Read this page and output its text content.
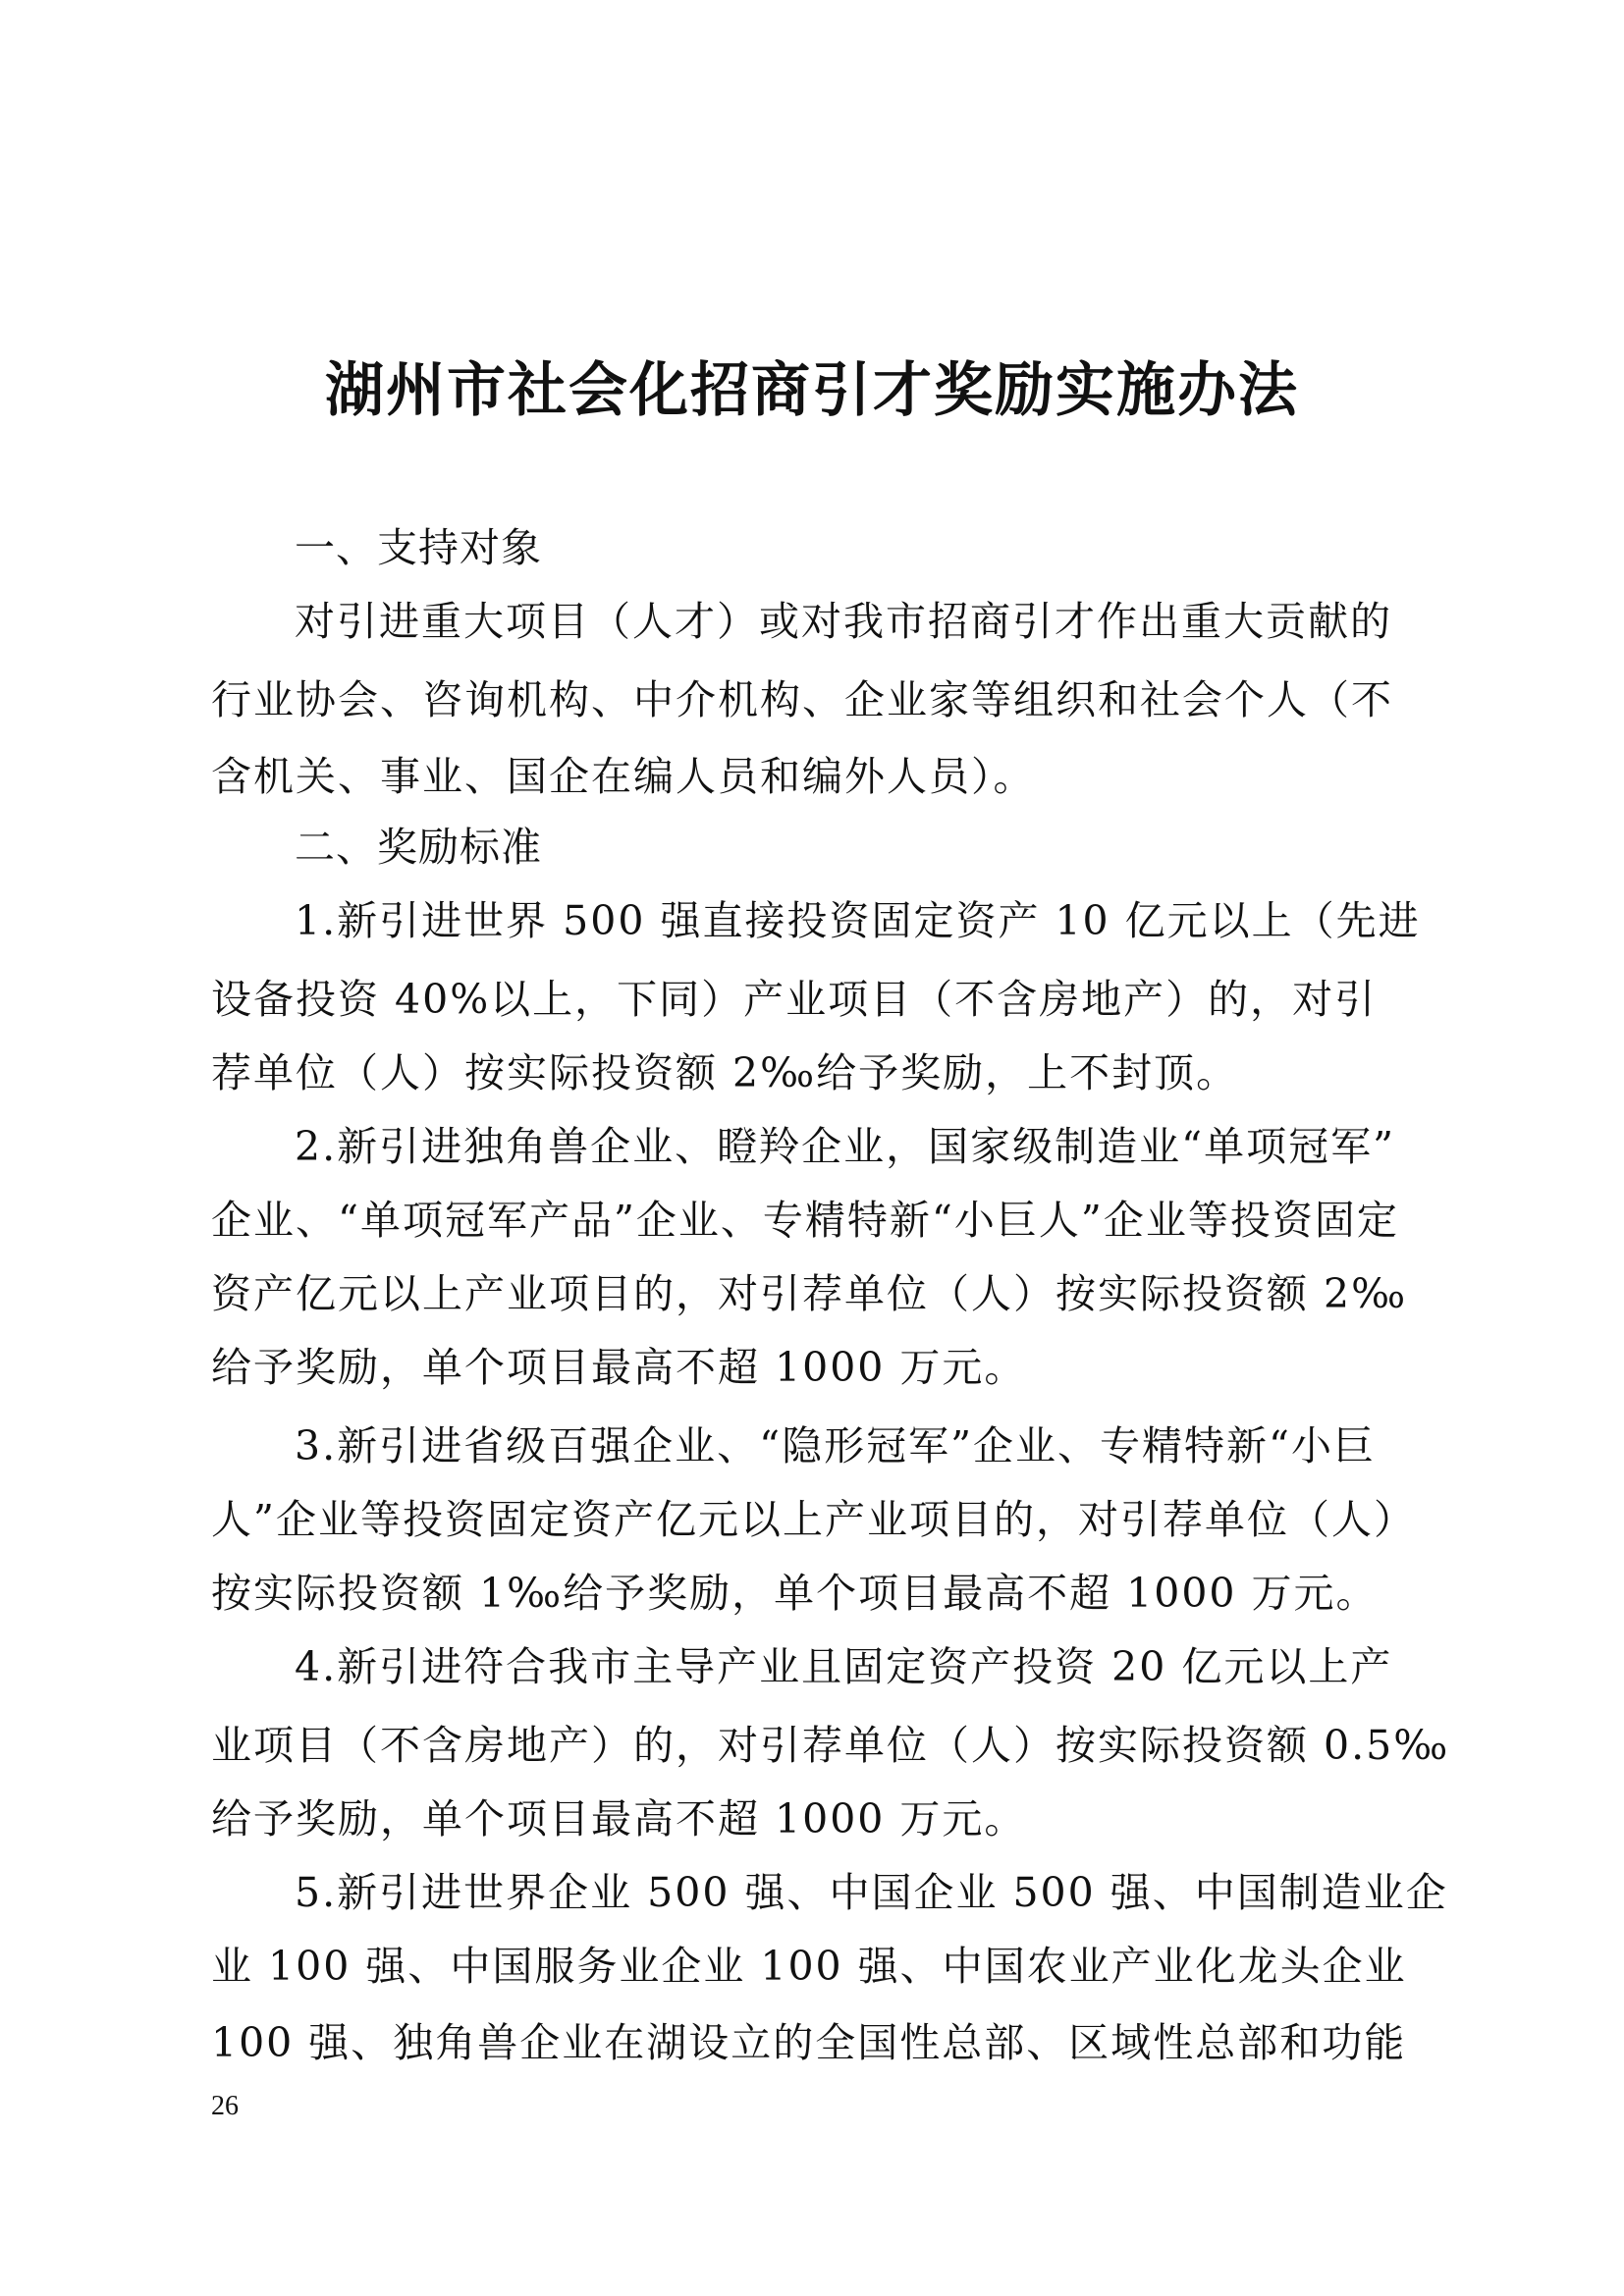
湖州市社会化招商引才奖励实施办法

一、支持对象

对引进重大项目（人才）或对我市招商引才作出重大贡献的

行业协会、咨询机构、中介机构、企业家等组织和社会个人（不

含机关、事业、国企在编人员和编外人员）。

二、奖励标准

1.新引进世界 500 强直接投资固定资产 10 亿元以上（先进

设备投资 40%以上，下同）产业项目（不含房地产）的，对引

荐单位（人）按实际投资额 2‰给予奖励，上不封顶。

2.新引进独角兽企业、瞪羚企业，国家级制造业“单项冠军”

企业、“单项冠军产品”企业、专精特新“小巨人”企业等投资固定

资产亿元以上产业项目的，对引荐单位（人）按实际投资额 2‰

给予奖励，单个项目最高不超 1000 万元。

3.新引进省级百强企业、“隐形冠军”企业、专精特新“小巨

人”企业等投资固定资产亿元以上产业项目的，对引荐单位（人）

按实际投资额 1‰给予奖励，单个项目最高不超 1000 万元。

4.新引进符合我市主导产业且固定资产投资 20 亿元以上产

业项目（不含房地产）的，对引荐单位（人）按实际投资额 0.5‰

给予奖励，单个项目最高不超 1000 万元。

5.新引进世界企业 500 强、中国企业 500 强、中国制造业企

业 100 强、中国服务业企业 100 强、中国农业产业化龙头企业

100 强、独角兽企业在湖设立的全国性总部、区域性总部和功能

26
